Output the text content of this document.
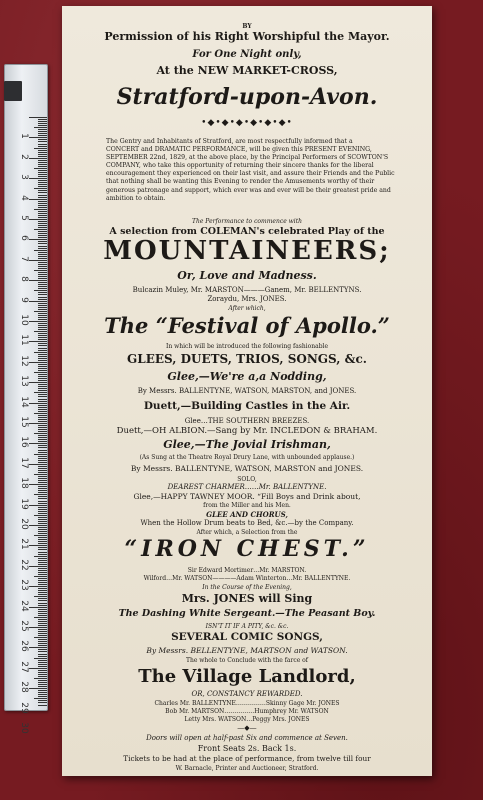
1
2
3
4
5
6
7
8
9
10
11
12
13
14
15
16
17
18
19
20
21
22
23
24
25
26
27
28
29
30
BY
Permission of his Right Worshipful the Mayor.
For One Night only,
At the NEW MARKET-CROSS,
Stratford-upon-Avon.
•◆•◆•◆•◆•◆•◆•
The Gentry and Inhabitants of Stratford, are most respectfully informed that a
CONCERT and DRAMATIC PERFORMANCE, will be given this PRESENT EVENING,
SEPTEMBER 22nd, 1829, at the above place, by the Principal Performers of SCOWTON'S
COMPANY, who take this opportunity of returning their sincere thanks for the liberal
encouragement they experienced on their last visit, and assure their Friends and the Public
that nothing shall be wanting this Evening to render the Amusements worthy of their
generous patronage and support, which ever was and ever will be their greatest pride and
ambition to obtain.
The Performance to commence with
A selection from COLEMAN's celebrated Play of the
MOUNTAINEERS;
Or, Love and Madness.
Bulcazin Muley, Mr. MARSTON———Ganem, Mr. BELLENTYNS.
Zoraydu, Mrs. JONES.
After which,
The “Festival of Apollo.”
In which will be introduced the following fashionable
GLEES, DUETS, TRIOS, SONGS, &c.
Glee,—We're a,a Nodding,
By Messrs. BALLENTYNE, WATSON, MARSTON, and JONES.
Duett,—Building Castles in the Air.
Glee…THE SOUTHERN BREEZES.
Duett,—OH ALBION.—Sang by Mr. INCLEDON & BRAHAM.
Glee,—The Jovial Irishman,
(As Sung at the Theatre Royal Drury Lane, with unbounded applause.)
By Messrs. BALLENTYNE, WATSON, MARSTON and JONES.
SOLO,
DEAREST CHARMER……Mr. BALLENTYNE.
Glee,—HAPPY TAWNEY MOOR. “Fill Boys and Drink about,
from the Miller and his Men.
GLEE AND CHORUS,
When the Hollow Drum beats to Bed, &c.—by the Company.
After which, a Selection from the
“IRON CHEST.”
Sir Edward Mortimer…Mr. MARSTON.
Wilford…Mr. WATSON————Adam Winterton…Mr. BALLENTYNE.
In the Course of the Evening,
Mrs. JONES will Sing
The Dashing White Sergeant.—The Peasant Boy.
ISN'T IT IF A PITY, &c. &c.
SEVERAL COMIC SONGS,
By Messrs. BELLENTYNE, MARTSON and WATSON.
The whole to Conclude with the farce of
The Village Landlord,
OR, CONSTANCY REWARDED.
Charles Mr. BALLENTYNE……………Skinny Gage Mr. JONES
Bob Mr. MARTSON……………Humphrey Mr. WATSON
Letty Mrs. WATSON…Peggy Mrs. JONES
—◆—
Doors will open at half-past Six and commence at Seven.
Front Seats 2s. Back 1s.
Tickets to be had at the place of performance, from twelve till four
W. Barnacle, Printer and Auctioneer, Stratford.
